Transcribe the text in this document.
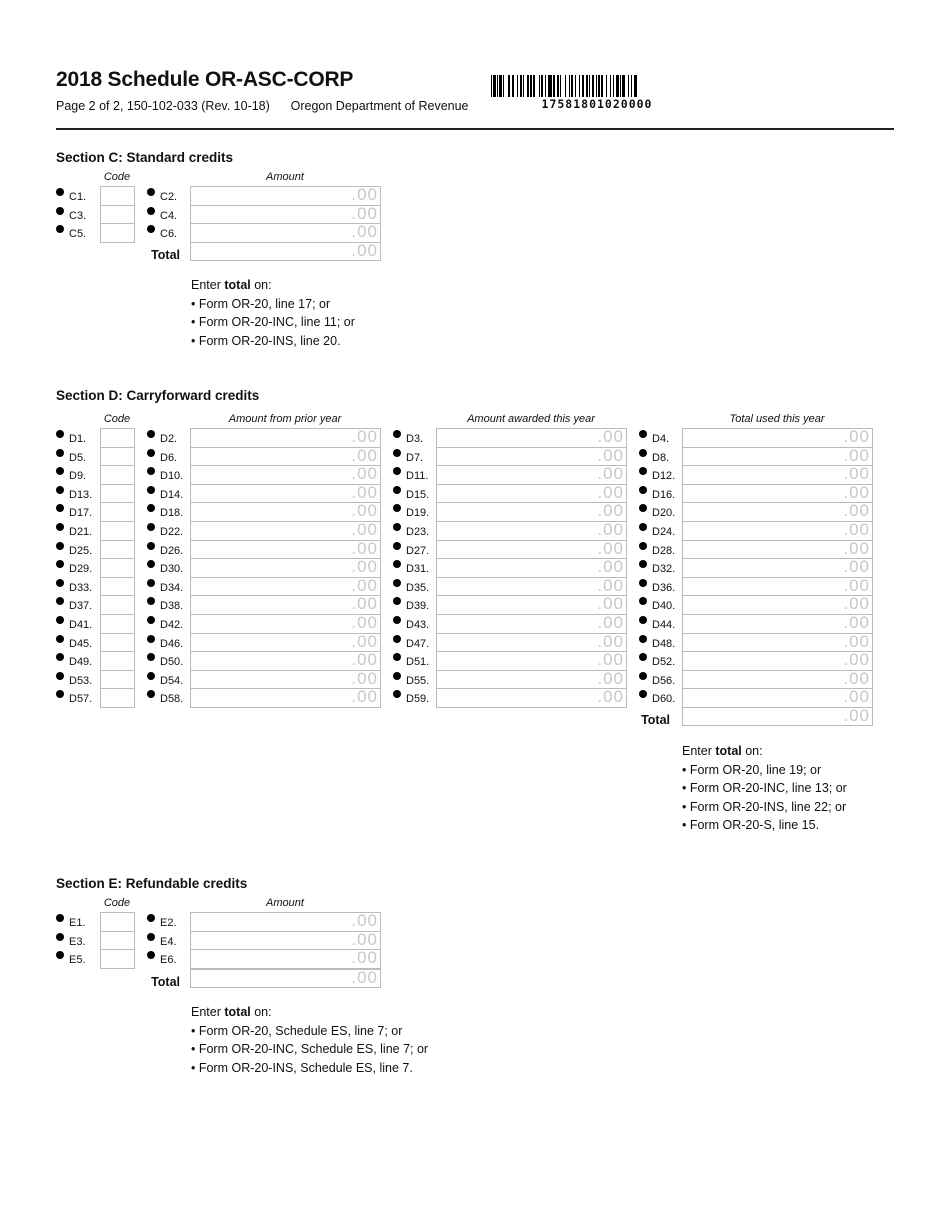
2018 Schedule OR-ASC-CORP
Page 2 of 2, 150-102-033 (Rev. 10-18)      Oregon Department of Revenue	17581801020000
Section C: Standard credits
Code	Amount
C1.	C2.	.00
C3.	C4.	.00
C5.	C6.	.00
Total	.00
Enter total on:
• Form OR-20, line 17; or
• Form OR-20-INC, line 11; or
• Form OR-20-INS, line 20.
Section D: Carryforward credits
Code	Amount from prior year	Amount awarded this year	Total used this year
D1.	D2.	.00	D3.	.00	D4.	.00
D5.	D6.	.00	D7.	.00	D8.	.00
D9.	D10.	.00	D11.	.00	D12.	.00
D13.	D14.	.00	D15.	.00	D16.	.00
D17.	D18.	.00	D19.	.00	D20.	.00
D21.	D22.	.00	D23.	.00	D24.	.00
D25.	D26.	.00	D27.	.00	D28.	.00
D29.	D30.	.00	D31.	.00	D32.	.00
D33.	D34.	.00	D35.	.00	D36.	.00
D37.	D38.	.00	D39.	.00	D40.	.00
D41.	D42.	.00	D43.	.00	D44.	.00
D45.	D46.	.00	D47.	.00	D48.	.00
D49.	D50.	.00	D51.	.00	D52.	.00
D53.	D54.	.00	D55.	.00	D56.	.00
D57.	D58.	.00	D59.	.00	D60.	.00
Total	.00
Enter total on:
• Form OR-20, line 19; or
• Form OR-20-INC, line 13; or
• Form OR-20-INS, line 22; or
• Form OR-20-S, line 15.
Section E: Refundable credits
Code	Amount
E1.	E2.	.00
E3.	E4.	.00
E5.	E6.	.00
Total	.00
Enter total on:
• Form OR-20, Schedule ES, line 7; or
• Form OR-20-INC, Schedule ES, line 7; or
• Form OR-20-INS, Schedule ES, line 7.
